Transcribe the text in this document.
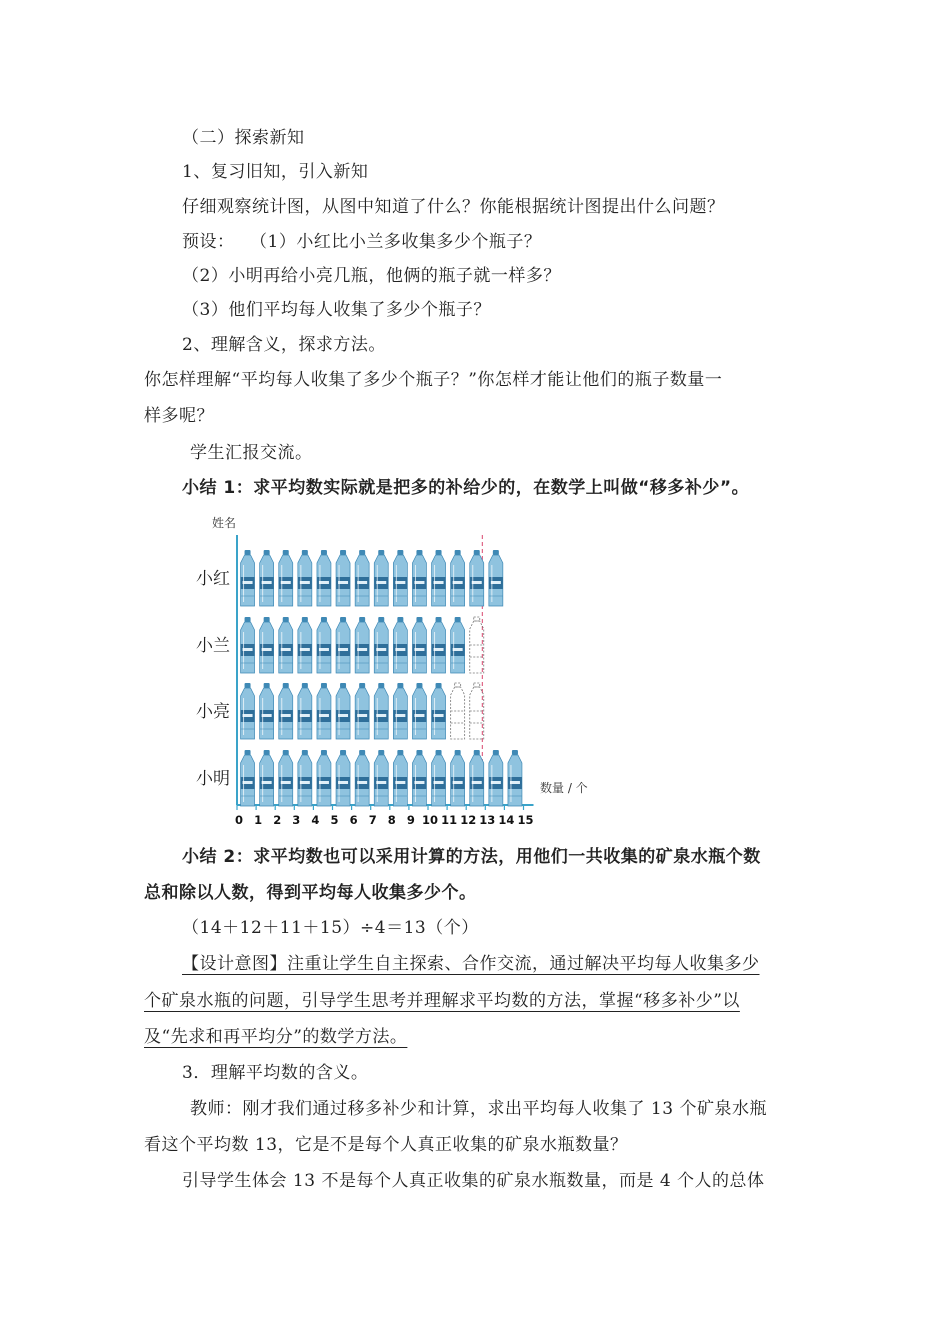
（二）探索新知
1、复习旧知，引入新知
仔细观察统计图，从图中知道了什么？你能根据统计图提出什么问题？
预设： （1）小红比小兰多收集多少个瓶子？
（2）小明再给小亮几瓶，他俩的瓶子就一样多？
（3）他们平均每人收集了多少个瓶子？
2、理解含义，探求方法。
你怎样理解“平均每人收集了多少个瓶子？”你怎样才能让他们的瓶子数量一
样多呢？
学生汇报交流。
小结 1：求平均数实际就是把多的补给少的，在数学上叫做“移多补少”。
姓名
数量 / 个
小红
小兰
小亮
小明
0 1 2 3 4 5 6 7 8 9 10 11 12 13 14 15
小结 2：求平均数也可以采用计算的方法，用他们一共收集的矿泉水瓶个数
总和除以人数，得到平均每人收集多少个。
（14＋12＋11＋15）÷4＝13（个）
【设计意图】注重让学生自主探索、合作交流，通过解决平均每人收集多少
个矿泉水瓶的问题，引导学生思考并理解求平均数的方法，掌握“移多补少”以
及“先求和再平均分”的数学方法。
3．理解平均数的含义。
教师：刚才我们通过移多补少和计算，求出平均每人收集了 13 个矿泉水瓶
看这个平均数 13，它是不是每个人真正收集的矿泉水瓶数量？
引导学生体会 13 不是每个人真正收集的矿泉水瓶数量，而是 4 个人的总体
